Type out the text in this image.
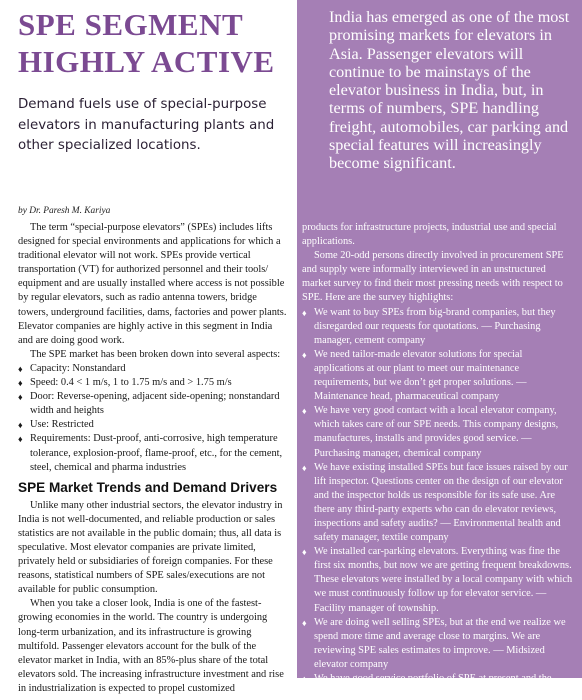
SPE SEGMENT
HIGHLY ACTIVE

Demand fuels use of special-purpose elevators in manufacturing plants and other specialized locations.

India has emerged as one of the most promising markets for elevators in Asia. Passenger elevators will continue to be mainstays of the elevator business in India, but, in terms of numbers, SPE handling freight, automobiles, car parking and special features will increasingly become significant.

by Dr. Paresh M. Kariya

The term “special-purpose elevators” (SPEs) includes lifts designed for special environments and applications for which a traditional elevator will not work. SPEs provide vertical transportation (VT) for authorized personnel and their tools/ equipment and are usually installed where access is not possible by regular elevators, such as radio antenna towers, bridge towers, underground facilities, dams, factories and power plants. Elevator companies are highly active in this segment in India and are doing good work.

The SPE market has been broken down into several aspects:

♦ Capacity: Nonstandard
♦ Speed: 0.4 < 1 m/s, 1 to 1.75 m/s and > 1.75 m/s
♦ Door: Reverse-opening, adjacent side-opening; nonstandard width and heights
♦ Use: Restricted
♦ Requirements: Dust-proof, anti-corrosive, high temperature tolerance, explosion-proof, flame-proof, etc., for the cement, steel, chemical and pharma industries
SPE Market Trends and Demand Drivers

Unlike many other industrial sectors, the elevator industry in India is not well-documented, and reliable production or sales statistics are not available in the public domain; thus, all data is speculative. Most elevator companies are private limited, privately held or subsidiaries of foreign companies. For these reasons, statistical numbers of SPE sales/executions are not available for public consumption.

When you take a closer look, India is one of the fastest-growing economies in the world. The country is undergoing long-term urbanization, and its infrastructure is growing multifold. Passenger elevators account for the bulk of the elevator market in India, with an 85%-plus share of the total elevators sold. The increasing infrastructure investment and rise in industrialization is expected to propel customized

products for infrastructure projects, industrial use and special applications.

Some 20-odd persons directly involved in procurement SPE and supply were informally interviewed in an unstructured market survey to find their most pressing needs with respect to SPE. Here are the survey highlights:

♦ We want to buy SPEs from big-brand companies, but they disregarded our requests for quotations. — Purchasing manager, cement company
♦ We need tailor-made elevator solutions for special applications at our plant to meet our maintenance requirements, but we don’t get proper solutions. — Maintenance head, pharmaceutical company
♦ We have very good contact with a local elevator company, which takes care of our SPE needs. This company designs, manufactures, installs and provides good service. — Purchasing manager, chemical company
♦ We have existing installed SPEs but face issues raised by our lift inspector. Questions center on the design of our elevator and the inspector holds us responsible for its safe use. Are there any third-party experts who can do elevator reviews, inspections and safety audits? — Environmental health and safety manager, textile company
♦ We installed car-parking elevators. Everything was fine the first six months, but now we are getting frequent breakdowns. These elevators were installed by a local company with which we must continuously follow up for elevator service. — Facility manager of township.
♦ We are doing well selling SPEs, but at the end we realize we spend more time and average close to margins. We are reviewing SPE sales estimates to improve. — Midsized elevator company
♦ We have good service portfolio of SPE at present and the capacity to design, deliver and service SPE requirements to
